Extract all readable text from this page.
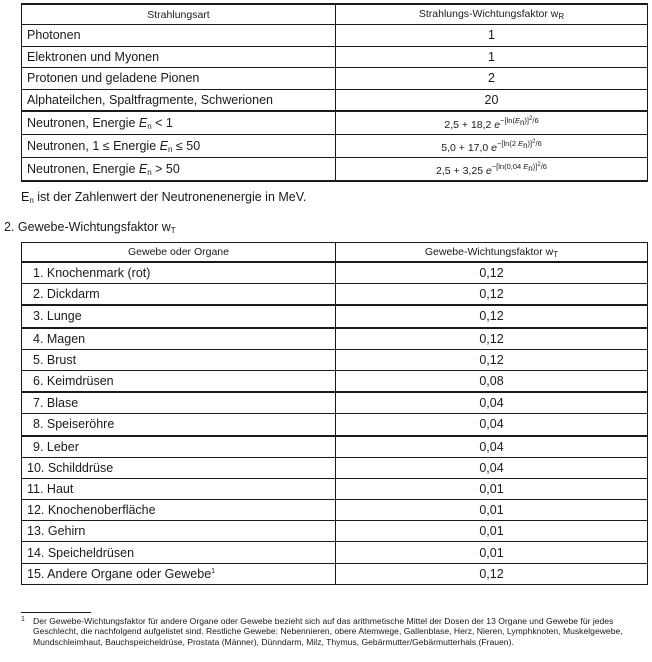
Strahlungsart	Strahlungs-Wichtungsfaktor $w_R$
Photonen	1
Elektronen und Myonen	1
Protonen und geladene Pionen	2
Alphateilchen, Spaltfragmente, Schwerionen	20
Neutronen, Energie $E_n < 1$	2,5 + 18,2 $e^{-[ln(E_n)]^2/6}$
Neutronen, 1 ≤ Energie $E_n \le 50$	5,0 + 17,0 $e^{-[ln(2 E_n)]^2/6}$
Neutronen, Energie $E_n > 50$	2,5 + 3,25 $e^{-[ln(0,04 E_n)]^2/6}$
$E_n$ ist der Zahlenwert der Neutronenenergie in MeV.
2. Gewebe-Wichtungsfaktor $w_T$
Gewebe oder Organe	Gewebe-Wichtungsfaktor $w_T$
1. Knochenmark (rot)	0,12
2. Dickdarm	0,12
3. Lunge	0,12
4. Magen	0,12
5. Brust	0,12
6. Keimdrüsen	0,08
7. Blase	0,04
8. Speiseröhre	0,04
9. Leber	0,04
10. Schilddrüse	0,04
11. Haut	0,01
12. Knochenoberfläche	0,01
13. Gehirn	0,01
14. Speicheldrüsen	0,01
15. Andere Organe oder Gewebe$^1$	0,12
1 Der Gewebe-Wichtungsfaktor für andere Organe oder Gewebe bezieht sich auf das arithmetische Mittel der Dosen der 13 Organe und Gewebe für jedes Geschlecht, die nachfolgend aufgelistet sind. Restliche Gewebe: Nebennieren, obere Atemwege, Gallenblase, Herz, Nieren, Lymphknoten, Muskelgewebe, Mundschleimhaut, Bauchspeicheldrüse, Prostata (Männer), Dünndarm, Milz, Thymus, Gebärmutter/Gebärmutterhals (Frauen).
